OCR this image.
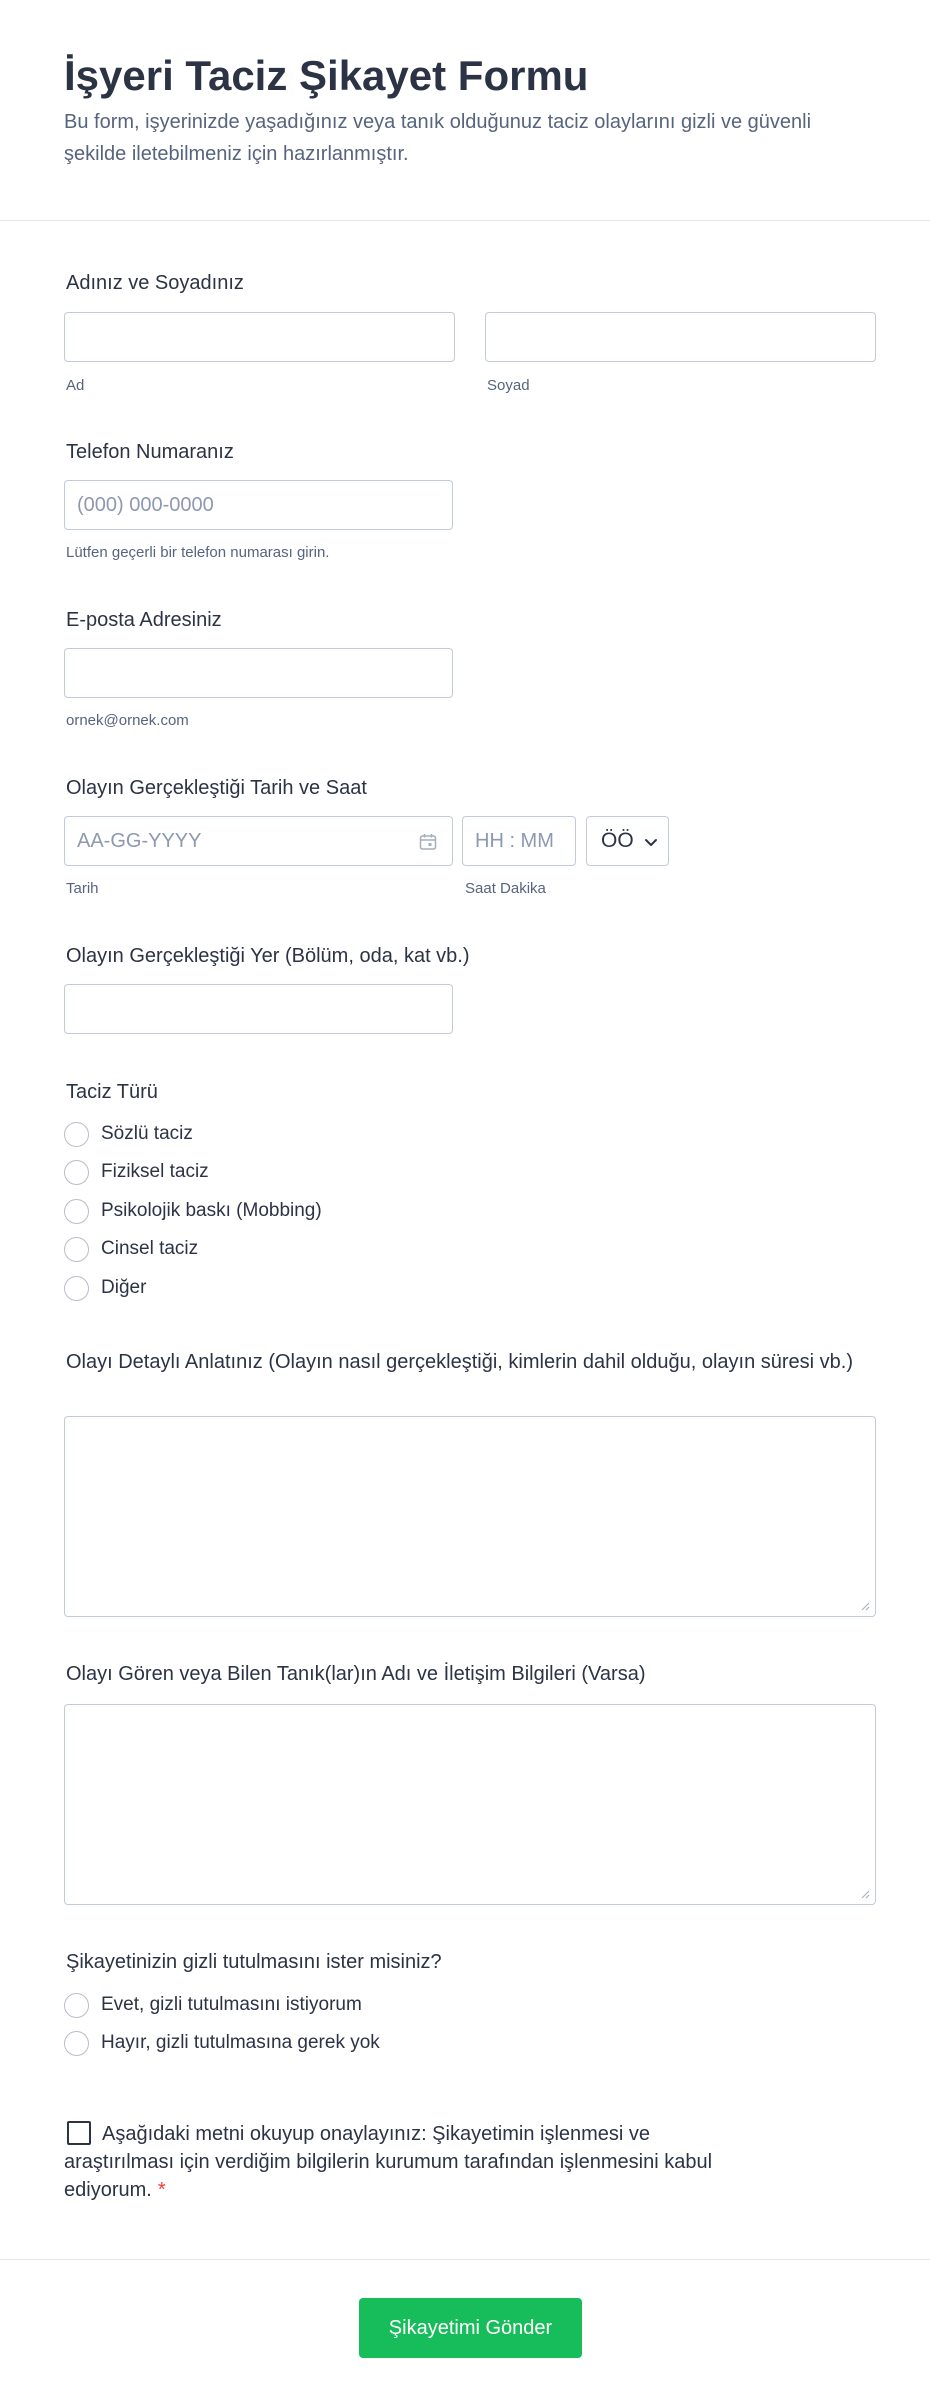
İşyeri Taciz Şikayet Formu

Bu form, işyerinizde yaşadığınız veya tanık olduğunuz taciz olaylarını gizli ve güvenli şekilde iletebilmeniz için hazırlanmıştır.

Adınız ve Soyadınız
Ad	Soyad
Telefon Numaranız
(000) 000-0000
Lütfen geçerli bir telefon numarası girin.
E-posta Adresiniz
ornek@ornek.com
Olayın Gerçekleştiği Tarih ve Saat
AA-GG-YYYY
HH : MM
ÖÖ
Tarih	Saat Dakika
Olayın Gerçekleştiği Yer (Bölüm, oda, kat vb.)
Taciz Türü
Sözlü taciz
Fiziksel taciz
Psikolojik baskı (Mobbing)
Cinsel taciz
Diğer
Olayı Detaylı Anlatınız (Olayın nasıl gerçekleştiği, kimlerin dahil olduğu, olayın süresi vb.)
Olayı Gören veya Bilen Tanık(lar)ın Adı ve İletişim Bilgileri (Varsa)
Şikayetinizin gizli tutulmasını ister misiniz?
Evet, gizli tutulmasını istiyorum
Hayır, gizli tutulmasına gerek yok
Aşağıdaki metni okuyup onaylayınız: Şikayetimin işlenmesi ve araştırılması için verdiğim bilgilerin kurumum tarafından işlenmesini kabul ediyorum. *
Şikayetimi Gönder
